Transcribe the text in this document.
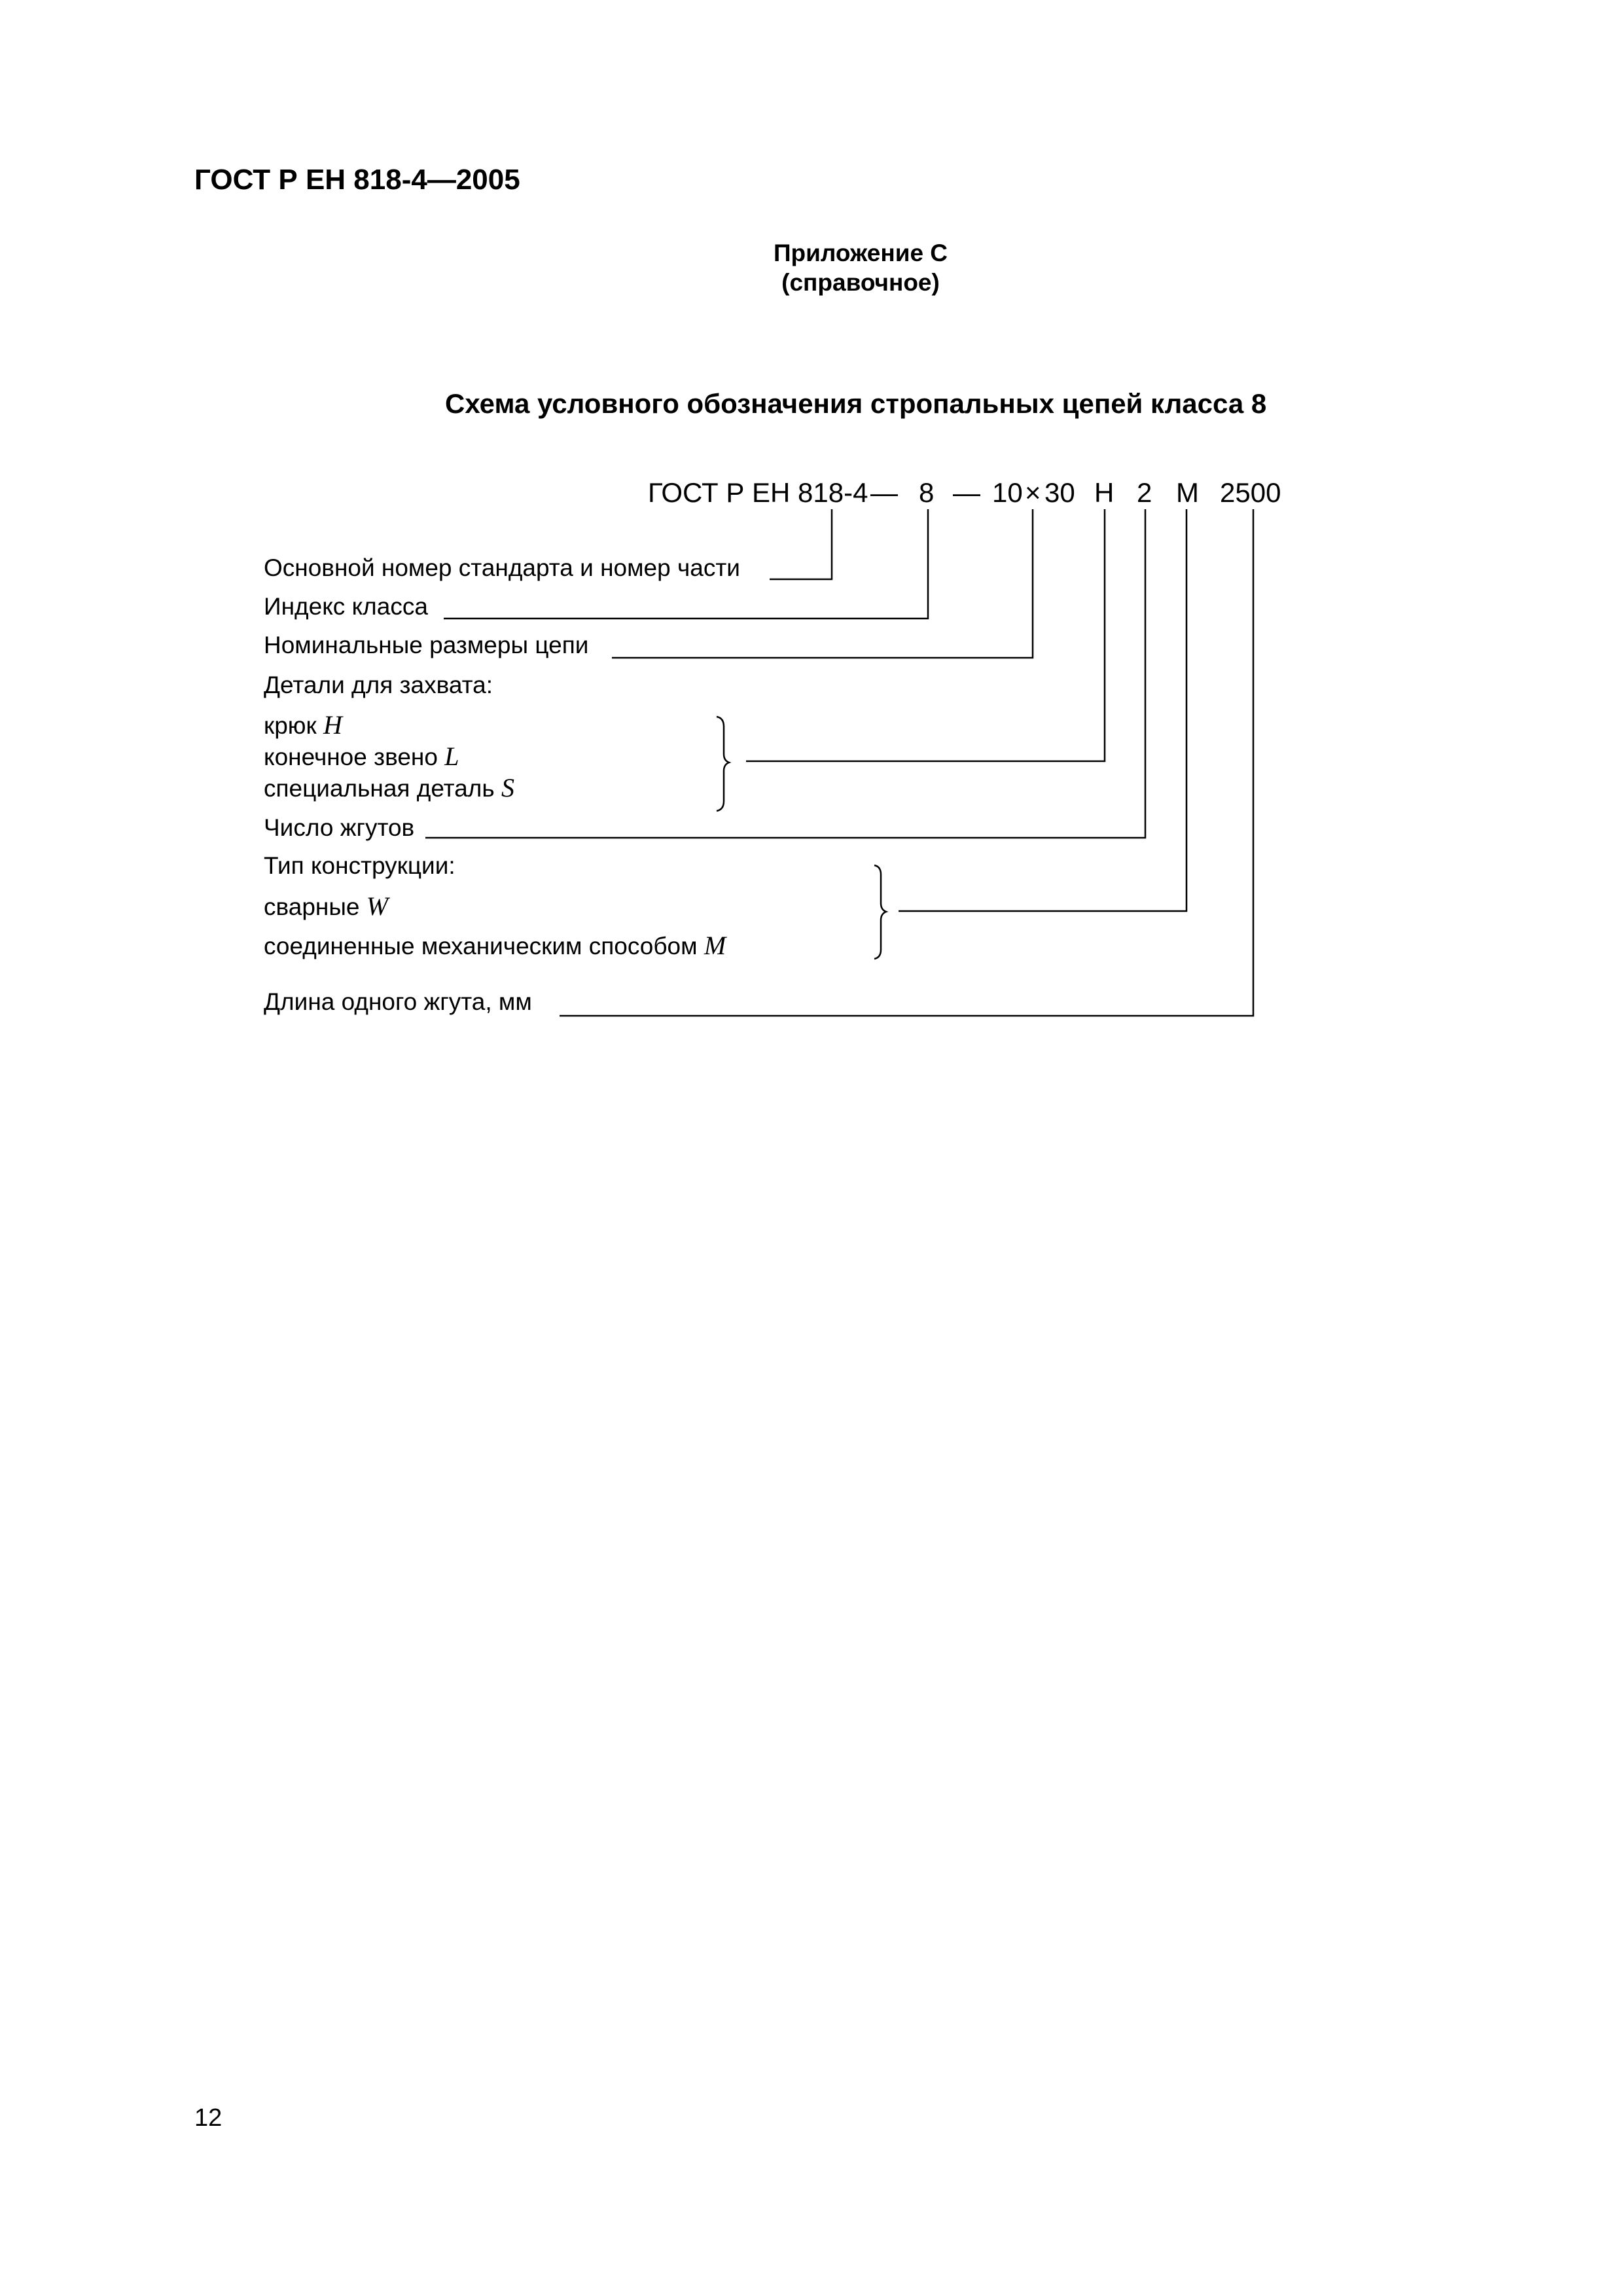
ГОСТ Р ЕН 818-4—2005
Приложение С
(справочное)
Схема условного обозначения стропальных цепей класса 8
ГОСТ Р ЕН 818-4 — 8 — 10 × 30 H 2 M 2500
Основной номер стандарта и номер части
Индекс класса
Номинальные размеры цепи
Детали для захвата:
крюк H
конечное звено L
специальная деталь S
Число жгутов
Тип конструкции:
сварные W
соединенные механическим способом M
Длина одного жгута, мм
12
